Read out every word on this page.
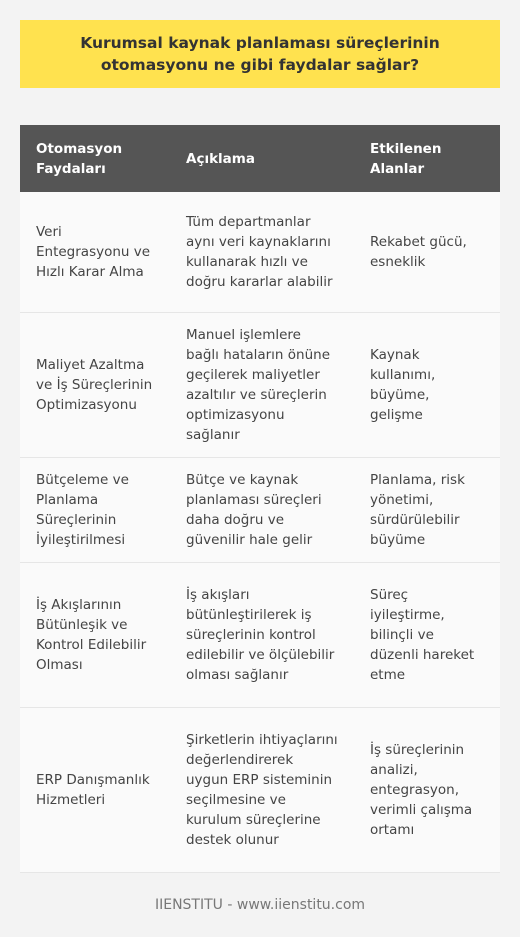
Kurumsal kaynak planlaması süreçlerinin otomasyonu ne gibi faydalar sağlar?
Otomasyon Faydaları	Açıklama	Etkilenen Alanlar
Veri Entegrasyonu ve Hızlı Karar Alma	Tüm departmanlar aynı veri kaynaklarını kullanarak hızlı ve doğru kararlar alabilir	Rekabet gücü, esneklik
Maliyet Azaltma ve İş Süreçlerinin Optimizasyonu	Manuel işlemlere bağlı hataların önüne geçilerek maliyetler azaltılır ve süreçlerin optimizasyonu sağlanır	Kaynak kullanımı, büyüme, gelişme
Bütçeleme ve Planlama Süreçlerinin İyileştirilmesi	Bütçe ve kaynak planlaması süreçleri daha doğru ve güvenilir hale gelir	Planlama, risk yönetimi, sürdürülebilir büyüme
İş Akışlarının Bütünleşik ve Kontrol Edilebilir Olması	İş akışları bütünleştirilerek iş süreçlerinin kontrol edilebilir ve ölçülebilir olması sağlanır	Süreç iyileştirme, bilinçli ve düzenli hareket etme
ERP Danışmanlık Hizmetleri	Şirketlerin ihtiyaçlarını değerlendirerek uygun ERP sisteminin seçilmesine ve kurulum süreçlerine destek olunur	İş süreçlerinin analizi, entegrasyon, verimli çalışma ortamı
IIENSTITU - www.iienstitu.com
